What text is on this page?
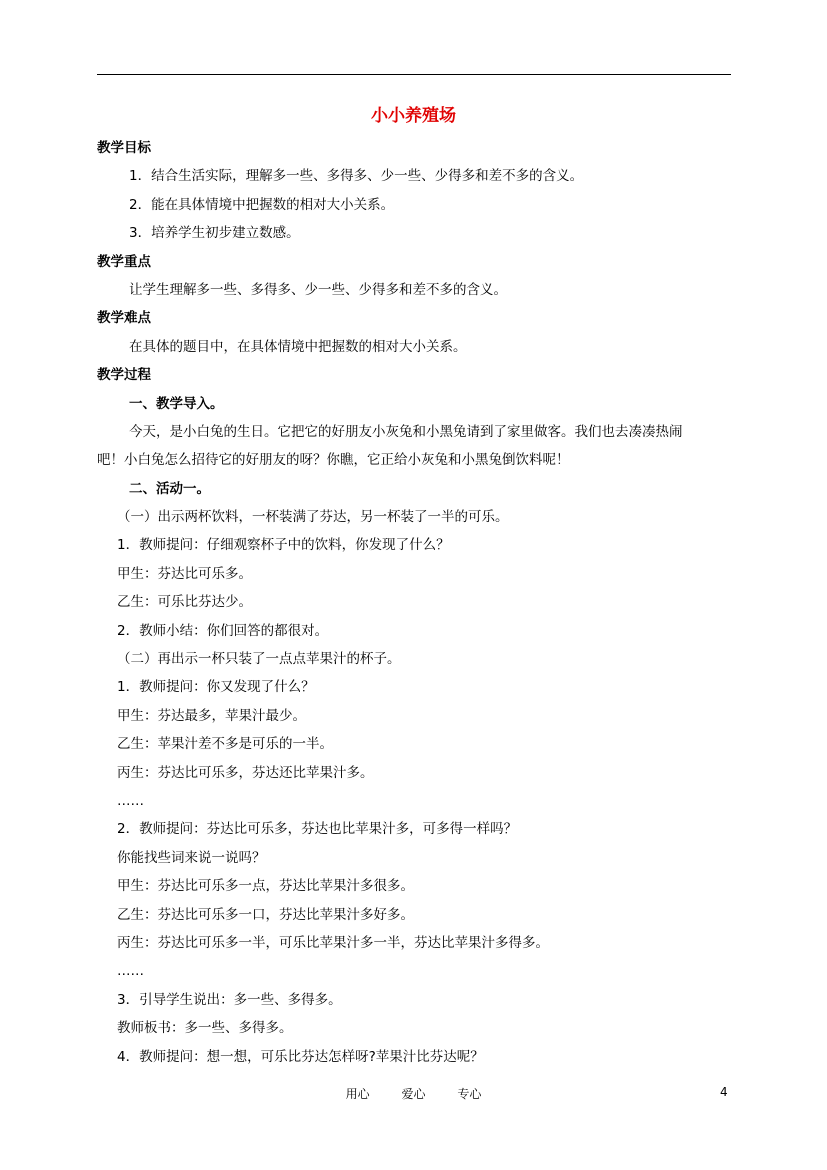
小小养殖场
教学目标
1．结合生活实际，理解多一些、多得多、少一些、少得多和差不多的含义。
2．能在具体情境中把握数的相对大小关系。
3．培养学生初步建立数感。
教学重点
让学生理解多一些、多得多、少一些、少得多和差不多的含义。
教学难点
在具体的题目中，在具体情境中把握数的相对大小关系。
教学过程
一、教学导入。
今天，是小白兔的生日。它把它的好朋友小灰兔和小黑兔请到了家里做客。我们也去凑凑热闹
吧！小白兔怎么招待它的好朋友的呀？你瞧，它正给小灰兔和小黑兔倒饮料呢！
二、活动一。
（一）出示两杯饮料，一杯装满了芬达，另一杯装了一半的可乐。
1．教师提问：仔细观察杯子中的饮料，你发现了什么？
甲生：芬达比可乐多。
乙生：可乐比芬达少。
2．教师小结：你们回答的都很对。
（二）再出示一杯只装了一点点苹果汁的杯子。
1．教师提问：你又发现了什么？
甲生：芬达最多，苹果汁最少。
乙生：苹果汁差不多是可乐的一半。
丙生：芬达比可乐多，芬达还比苹果汁多。
……
2．教师提问：芬达比可乐多，芬达也比苹果汁多，可多得一样吗？
你能找些词来说一说吗？
甲生：芬达比可乐多一点，芬达比苹果汁多很多。
乙生：芬达比可乐多一口，芬达比苹果汁多好多。
丙生：芬达比可乐多一半，可乐比苹果汁多一半，芬达比苹果汁多得多。
……
3．引导学生说出：多一些、多得多。
教师板书：多一些、多得多。
4．教师提问：想一想，可乐比芬达怎样呀?苹果汁比芬达呢？
用心	爱心	专心	4
